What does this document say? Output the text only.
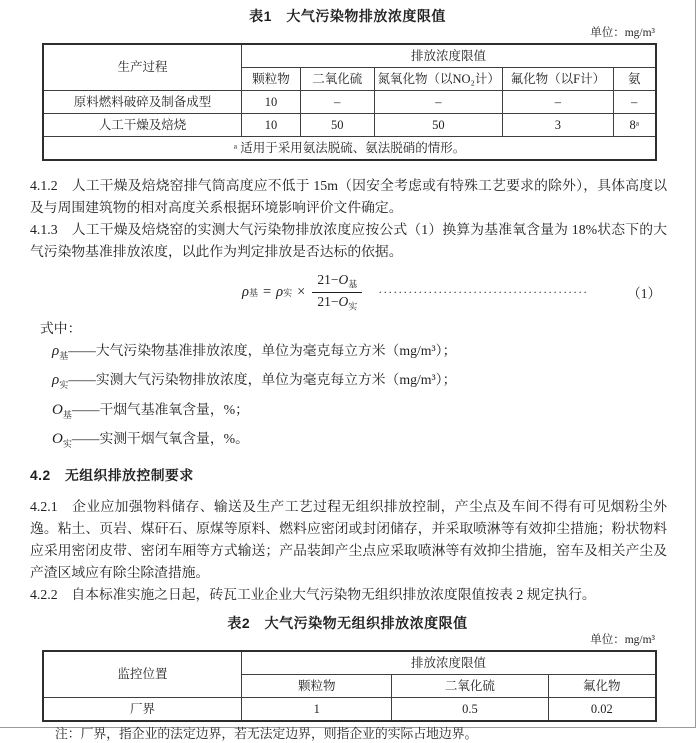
表1　大气污染物排放浓度限值
单位：mg/m³
生产过程	排放浓度限值				
	颗粒物	二氧化硫	氮氧化物（以NO₂计）	氟化物（以F计）	氨
原料燃料破碎及制备成型	10	–	–	–	–
人工干燥及焙烧	10	50	50	3	8ᵃ
ᵃ 适用于采用氨法脱硫、氨法脱硝的情形。					

4.1.2　人工干燥及焙烧窑排气筒高度应不低于 15m（因安全考虑或有特殊工艺要求的除外），具体高度以及与周围建筑物的相对高度关系根据环境影响评价文件确定。

4.1.3　人工干燥及焙烧窑的实测大气污染物排放浓度应按公式（1）换算为基准氧含量为 18%状态下的大气污染物基准排放浓度，以此作为判定排放是否达标的依据。

ρ 基 = ρ 实 × $\frac{21-O_基}{21-O_实}$ ··········································	（1）
式中：
$\rho_基——$大气污染物基准排放浓度，单位为毫克每立方米（mg/m³）；
$\rho_实——$实测大气污染物排放浓度，单位为毫克每立方米（mg/m³）；
$O_基——$干烟气基准氧含量，%；
$O_实——$实测干烟气氧含量，%。
4.2　无组织排放控制要求

4.2.1　企业应加强物料储存、输送及生产工艺过程无组织排放控制，产尘点及车间不得有可见烟粉尘外逸。粘土、页岩、煤矸石、原煤等原料、燃料应密闭或封闭储存，并采取喷淋等有效抑尘措施；粉状物料应采用密闭皮带、密闭车厢等方式输送；产品装卸产尘点应采取喷淋等有效抑尘措施，窑车及相关产尘及产渣区域应有除尘除渣措施。

4.2.2　自本标准实施之日起，砖瓦工业企业大气污染物无组织排放浓度限值按表 2 规定执行。

表2　大气污染物无组织排放浓度限值
单位：mg/m³
监控位置	排放浓度限值		
	颗粒物	二氧化硫	氟化物
厂界	1	0.5	0.02
注：厂界，指企业的法定边界，若无法定边界，则指企业的实际占地边界。
